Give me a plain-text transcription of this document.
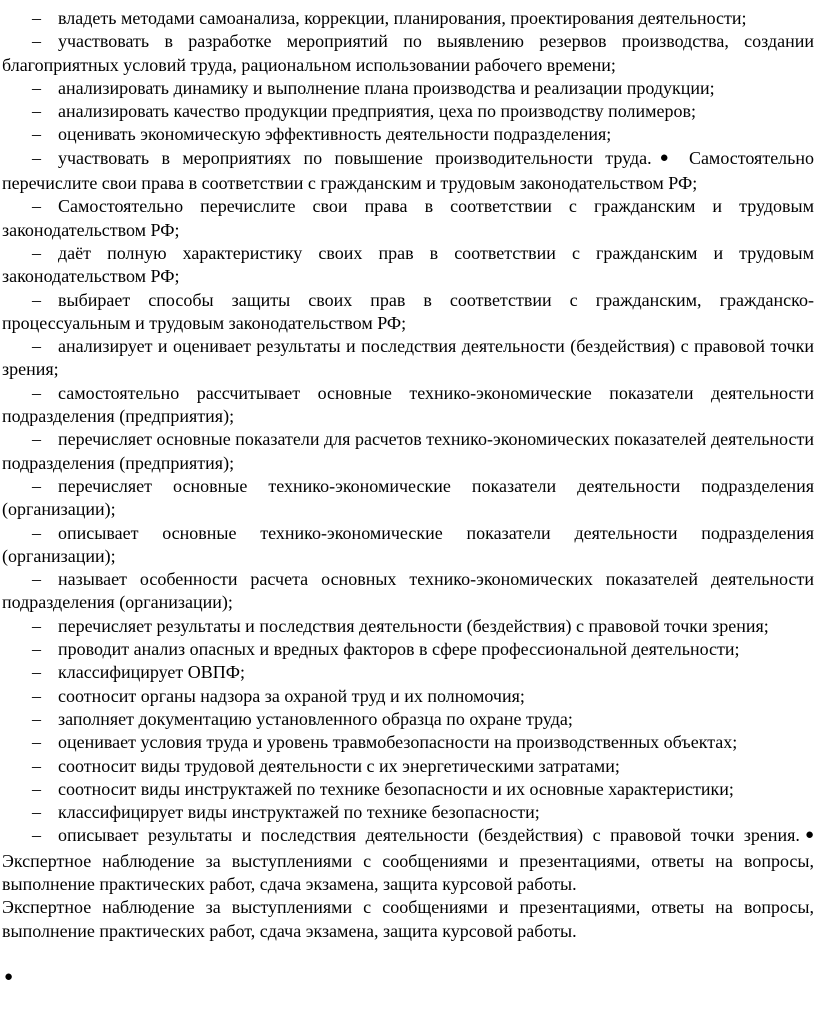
– владеть методами самоанализа, коррекции, планирования, проектирования деятельности;
– участвовать в разработке мероприятий по выявлению резервов производства, создании благоприятных условий труда, рациональном использовании рабочего времени;
– анализировать динамику и выполнение плана производства и реализации продукции;
– анализировать качество продукции предприятия, цеха по производству полимеров;
– оценивать экономическую эффективность деятельности подразделения;
– участвовать в мероприятиях по повышение производительности труда.● Самостоятельно перечислите свои права в соответствии с гражданским и трудовым законодательством РФ;
– Самостоятельно перечислите свои права в соответствии с гражданским и трудовым законодательством РФ;
– даёт полную характеристику своих прав в соответствии с гражданским и трудовым законодательством РФ;
– выбирает способы защиты своих прав в соответствии с гражданским, гражданско-процессуальным и трудовым законодательством РФ;
– анализирует и оценивает результаты и последствия деятельности (бездействия) с правовой точки зрения;
– самостоятельно рассчитывает основные технико-экономические показатели деятельности подразделения (предприятия);
– перечисляет основные показатели для расчетов технико-экономических показателей деятельности подразделения (предприятия);
– перечисляет основные технико-экономические показатели деятельности подразделения (организации);
– описывает основные технико-экономические показатели деятельности подразделения (организации);
– называет особенности расчета основных технико-экономических показателей деятельности подразделения (организации);
– перечисляет результаты и последствия деятельности (бездействия) с правовой точки зрения;
– проводит анализ опасных и вредных факторов в сфере профессиональной деятельности;
– классифицирует ОВПФ;
– соотносит органы надзора за охраной труд и их полномочия;
– заполняет документацию установленного образца по охране труда;
– оценивает условия труда и уровень травмобезопасности на производственных объектах;
– соотносит виды трудовой деятельности с их энергетическими затратами;
– соотносит виды инструктажей по технике безопасности и их основные характеристики;
– классифицирует виды инструктажей по технике безопасности;
– описывает результаты и последствия деятельности (бездействия) с правовой точки зрения.● Экспертное наблюдение за выступлениями с сообщениями и презентациями, ответы на вопросы, выполнение практических работ, сдача экзамена, защита курсовой работы.
Экспертное наблюдение за выступлениями с сообщениями и презентациями, ответы на вопросы, выполнение практических работ, сдача экзамена, защита курсовой работы.
●
